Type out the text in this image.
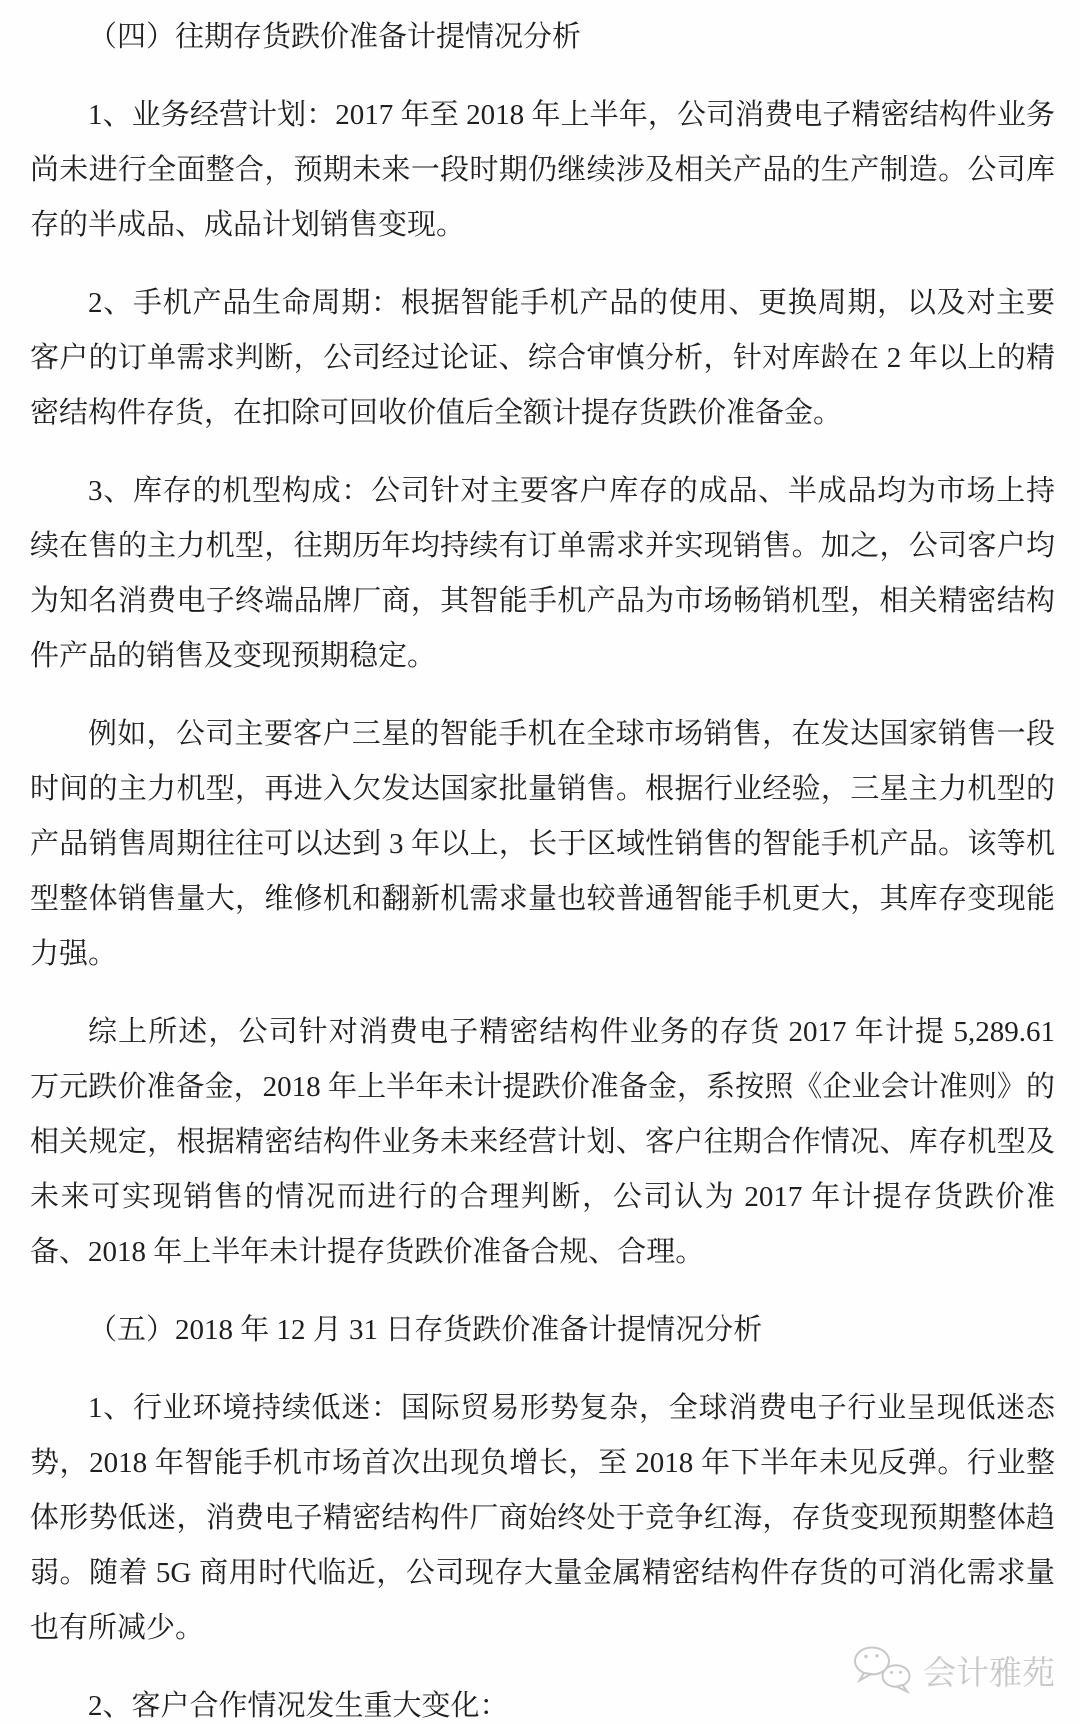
（四）往期存货跌价准备计提情况分析

1、业务经营计划：2017 年至 2018 年上半年，公司消费电子精密结构件业务尚未进行全面整合，预期未来一段时期仍继续涉及相关产品的生产制造。公司库存的半成品、成品计划销售变现。

2、手机产品生命周期：根据智能手机产品的使用、更换周期，以及对主要客户的订单需求判断，公司经过论证、综合审慎分析，针对库龄在 2 年以上的精密结构件存货，在扣除可回收价值后全额计提存货跌价准备金。

3、库存的机型构成：公司针对主要客户库存的成品、半成品均为市场上持续在售的主力机型，往期历年均持续有订单需求并实现销售。加之，公司客户均为知名消费电子终端品牌厂商，其智能手机产品为市场畅销机型，相关精密结构件产品的销售及变现预期稳定。

例如，公司主要客户三星的智能手机在全球市场销售，在发达国家销售一段时间的主力机型，再进入欠发达国家批量销售。根据行业经验，三星主力机型的产品销售周期往往可以达到 3 年以上，长于区域性销售的智能手机产品。该等机型整体销售量大，维修机和翻新机需求量也较普通智能手机更大，其库存变现能力强。

综上所述，公司针对消费电子精密结构件业务的存货 2017 年计提 5,289.61 万元跌价准备金，2018 年上半年未计提跌价准备金，系按照《企业会计准则》的相关规定，根据精密结构件业务未来经营计划、客户往期合作情况、库存机型及未来可实现销售的情况而进行的合理判断，公司认为 2017 年计提存货跌价准备、2018 年上半年未计提存货跌价准备合规、合理。

（五）2018 年 12 月 31 日存货跌价准备计提情况分析

1、行业环境持续低迷：国际贸易形势复杂，全球消费电子行业呈现低迷态势，2018 年智能手机市场首次出现负增长，至 2018 年下半年未见反弹。行业整体形势低迷，消费电子精密结构件厂商始终处于竞争红海，存货变现预期整体趋弱。随着 5G 商用时代临近，公司现存大量金属精密结构件存货的可消化需求量也有所减少。

2、客户合作情况发生重大变化：

会计雅苑
